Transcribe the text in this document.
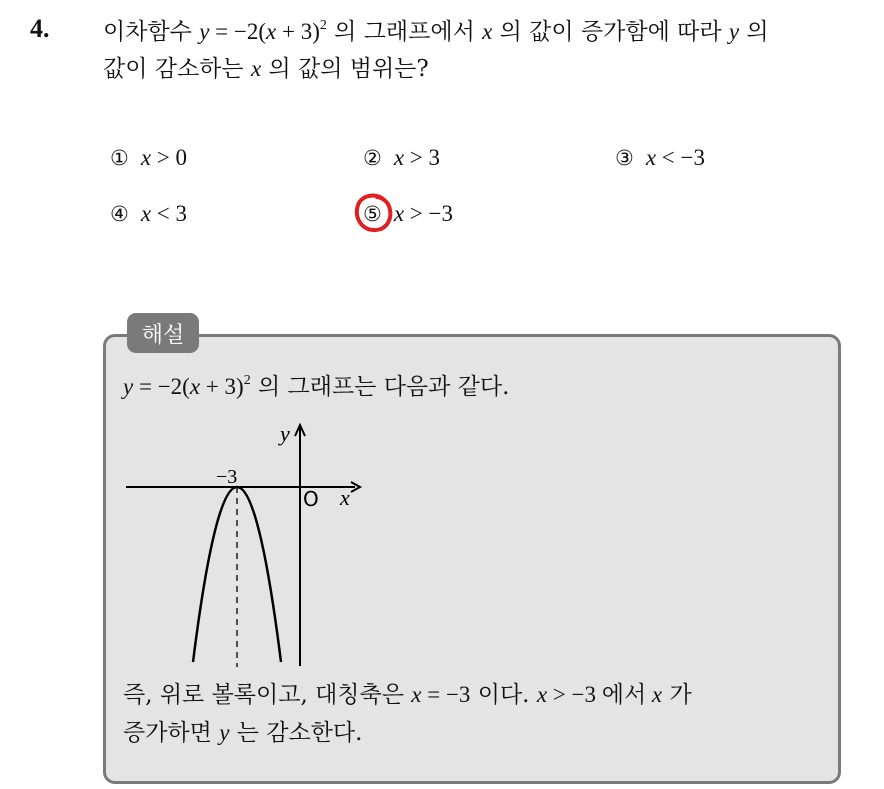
4. 이차함수 $y = -2(x + 3)^2$ 의 그래프에서 x 의 값이 증가함에 따라 y 의
값이 감소하는 x 의 값의 범위는?
① x > 0	② x > 3	③ x < −3
④ x < 3	⑤ x > −3
해설
$y = -2(x + 3)^2$ 의 그래프는 다음과 같다.
y
x
O
−3
즉, 위로 볼록이고, 대칭축은 x = −3 이다. x > −3 에서 x 가
증가하면 y 는 감소한다.
